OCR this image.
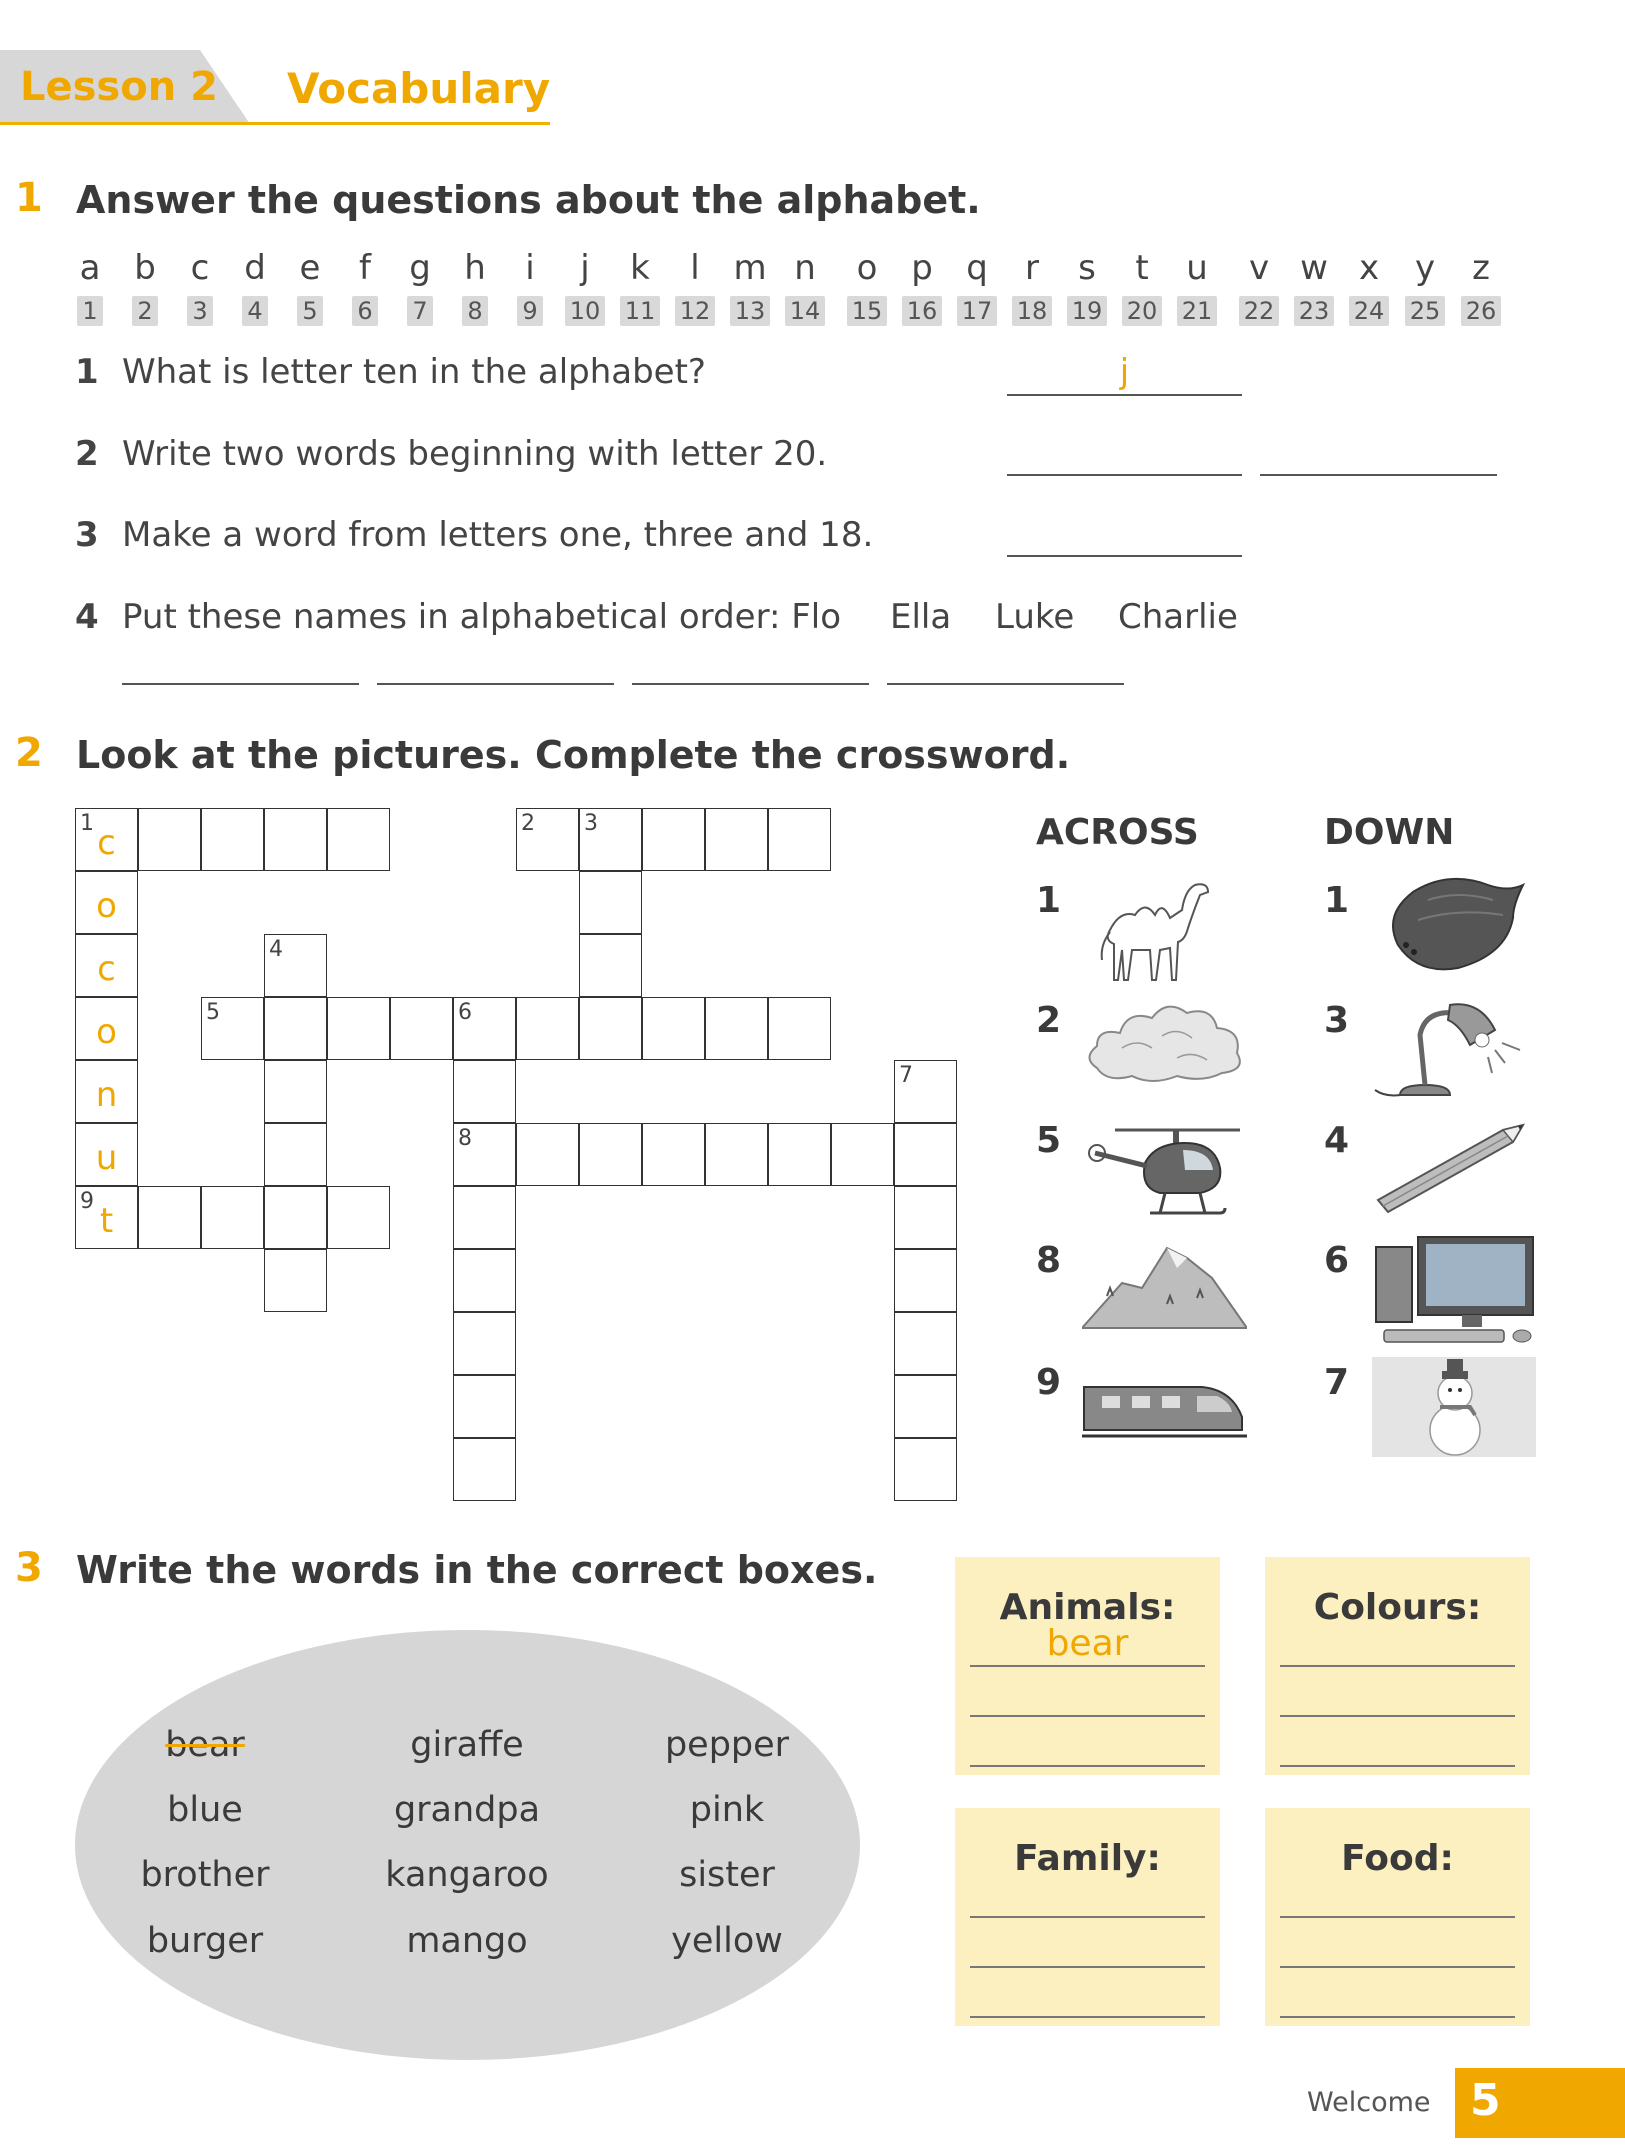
Lesson 2 Vocabulary
1 Answer the questions about the alphabet.
a
1
b
2
c
3
d
4
e
5
f
6
g
7
h
8
i
9
j
10
k
11
l
12
m
13
n
14
o
15
p
16
q
17
r
18
s
19
t
20
u
21
v
22
w
23
x
24
y
25
z
26
1 What is letter ten in the alphabet?	j
2 Write two words beginning with letter 20.
3 Make a word from letters one, three and 18.
4 Put these names in alphabetical order: Flo Ella Luke Charlie
2 Look at the pictures. Complete the crossword.
1 c	2 3
o
c
o
n
u
9 t
4
5	6
8
7
ACROSS	DOWN
1
2
5
8
9
1
3
4
6
7
3 Write the words in the correct boxes.
bear	giraffe	pepper
blue	grandpa	pink
brother	kangaroo	sister
burger	mango	yellow
Animals:
bear
Colours:
Family:	Food:
Welcome 5
